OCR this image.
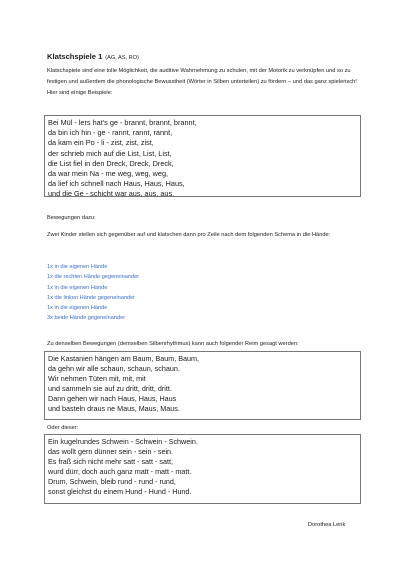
Klatschspiele 1 (AG, AS, RO)
Klatschspiele sind eine tolle Möglichkeit, die auditive Wahrnehmung zu schulen, mit der Motorik zu verknüpfen und so zu festigen und außerdem die phonologische Bewusstheit (Wörter in Silben unterteilen) zu fördern – und das ganz spielerisch! Hier sind einige Beispiele:
Bei Mül - lers hat's ge - brannt, brannt, brannt,
da bin ich hin - ge - rannt, rannt, rannt,
da kam ein Po - li - zist, zist, zist,
der schrieb mich auf die List, List, List,
die List fiel in den Dreck, Dreck, Dreck,
da war mein Na - me weg, weg, weg,
da lief ich schnell nach Haus, Haus, Haus,
und die Ge - schicht war aus, aus, aus.
Bewegungen dazu:
Zwei Kinder stellen sich gegenüber auf und klatschen dann pro Zeile nach dem folgenden Schema in die Hände:
1x in die eigenen Hände
1x die rechten Hände gegeneinander
1x in die eigenen Hände
1x die linken Hände gegeneinander
1x in die eigenen Hände
3x beide Hände gegeneinander
Zu denselben Bewegungen (demselben Silbenrhythmus) kann auch folgender Reim gesagt werden:
Die Kastanien hängen am Baum, Baum, Baum,
da gehn wir alle schaun, schaun, schaun.
Wir nehmen Tüten mit, mit, mit
und sammeln sie auf zu dritt, dritt, dritt.
Dann gehen wir nach Haus, Haus, Haus
und basteln draus ne Maus, Maus, Maus.
Oder dieser:
Ein kugelrundes Schwein - Schwein - Schwein.
das wollt gern dünner sein - sein - sein.
Es fraß sich nicht mehr satt - satt - satt,
wurd dürr, doch auch ganz matt - matt - matt.
Drum, Schwein, bleib rund - rund - rund,
sonst gleichst du einem Hund - Hund - Hund.
Dorothea Lenk
